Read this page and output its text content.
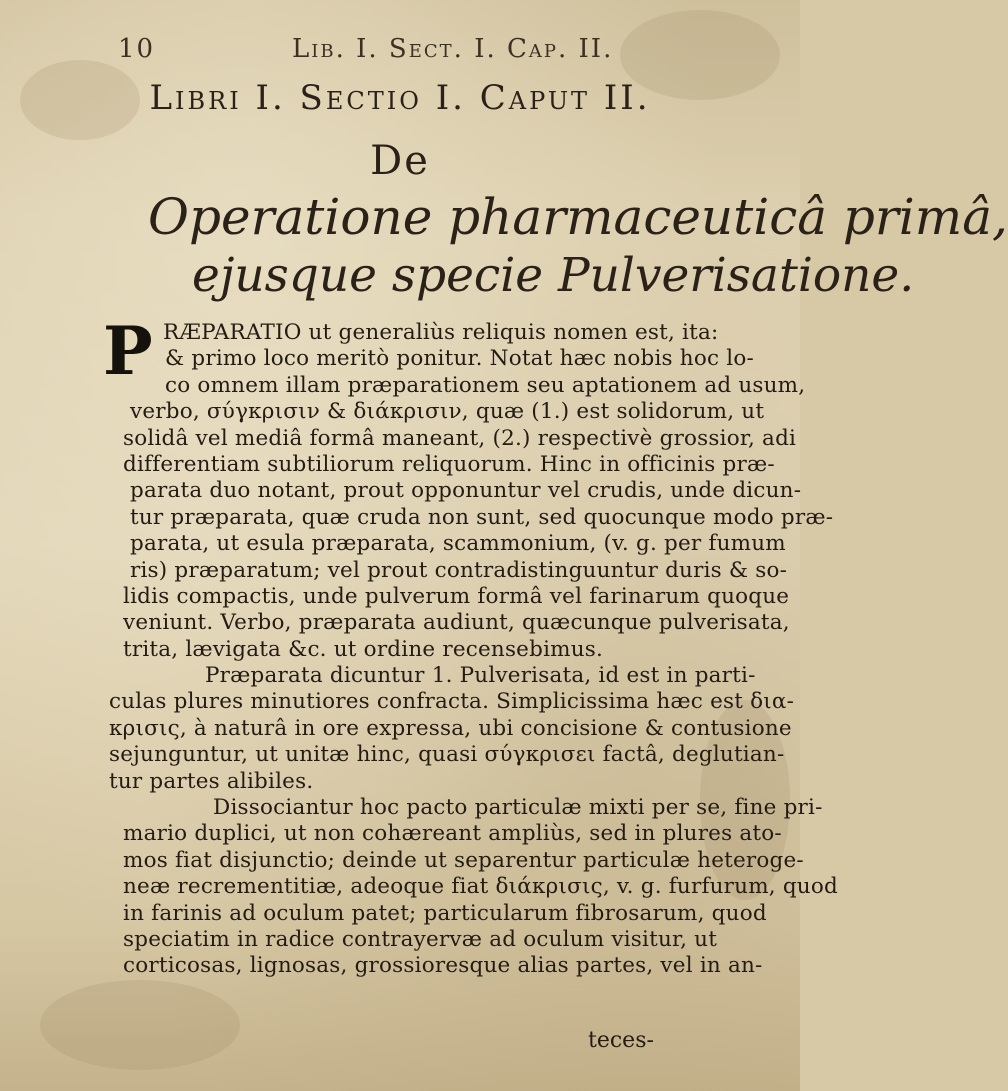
10	Lib. I. Sect. I. Cap. II.
Libri I. Sectio I. Caput II.
De
Operatione pharmaceuticâ primâ,
ejusque specie Pulverisatione.
P RÆPARATIO ut generaliùs reliquis nomen est, ita:
& primo loco meritò ponitur. Notat hæc nobis hoc lo-
co omnem illam præparationem seu aptationem ad usum,
verbo, σύγκρισιν & διάκρισιν, quæ (1.) est solidorum, ut
solidâ vel mediâ formâ maneant, (2.) respectivè grossior, adi
differentiam subtiliorum reliquorum. Hinc in officinis præ-
parata duo notant, prout opponuntur vel crudis, unde dicun-
tur præparata, quæ cruda non sunt, sed quocunque modo præ-
parata, ut esula præparata, scammonium, (v. g. per fumum
ris) præparatum; vel prout contradistinguuntur duris & so-
lidis compactis, unde pulverum formâ vel farinarum quoque
veniunt. Verbo, præparata audiunt, quæcunque pulverisata,
trita, lævigata &c. ut ordine recensebimus.
Præparata dicuntur 1. Pulverisata, id est in parti-
culas plures minutiores confracta. Simplicissima hæc est δια-
κρισις, à naturâ in ore expressa, ubi concisione & contusione
sejunguntur, ut unitæ hinc, quasi σύγκρισει factâ, deglutian-
tur partes alibiles.
Dissociantur hoc pacto particulæ mixti per se, fine pri-
mario duplici, ut non cohæreant ampliùs, sed in plures ato-
mos fiat disjunctio; deinde ut separentur particulæ heteroge-
neæ recrementitiæ, adeoque fiat διάκρισις, v. g. furfurum, quod
in farinis ad oculum patet; particularum fibrosarum, quod
speciatim in radice contrayervæ ad oculum visitur, ut
corticosas, lignosas, grossioresque alias partes, vel in an-
teces-
